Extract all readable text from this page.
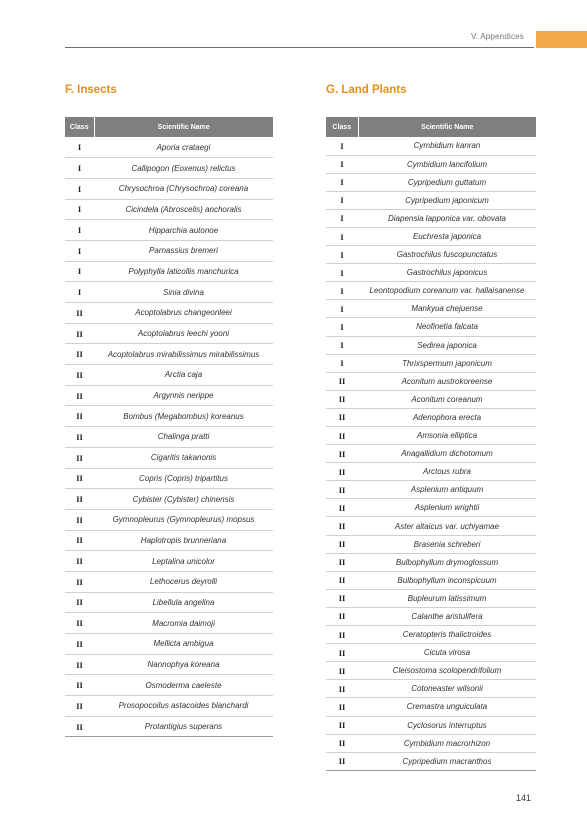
V. Appendices
F. Insects	G. Land Plants
Class	Scientific Name
I	Aporia crataegi
I	Callipogon (Eoxenus) relictus
I	Chrysochroa (Chrysochroa) coreana
I	Cicindela (Abroscelis) anchoralis
I	Hipparchia autonoe
I	Parnassius bremeri
I	Polyphylla laticollis manchurica
I	Sinia divina
II	Acoptolabrus changeonleei
II	Acoptolabrus leechi yooni
II	Acoptolabrus mirabilissimus mirabilissimus
II	Arctia caja
II	Argynnis nerippe
II	Bombus (Megabombus) koreanus
II	Chalinga pratti
II	Cigaritis takanonis
II	Copris (Copris) tripartitus
II	Cybister (Cybister) chinensis
II	Gymnopleurus (Gymnopleurus) mopsus
II	Haplotropis brunneriana
II	Leptalina unicolor
II	Lethocerus deyrolli
II	Libellula angelina
II	Macromia daimoji
II	Mellicta ambigua
II	Nannophya koreana
II	Osmoderma caeleste
II	Prosopocoilus astacoides blanchardi
II	Protantigius superans
Class	Scientific Name
I	Cymbidium kanran
I	Cymbidium lancifolium
I	Cypripedium guttatum
I	Cypripedium japonicum
I	Diapensia lapponica var. obovata
I	Euchresta japonica
I	Gastrochilus fuscopunctatus
I	Gastrochilus japonicus
I	Leontopodium coreanum var. hallaisanense
I	Mankyua chejuense
I	Neofinetia falcata
I	Sedirea japonica
I	Thrixspermum japonicum
II	Aconitum austrokoreense
II	Aconitum coreanum
II	Adenophora erecta
II	Amsonia elliptica
II	Anagallidium dichotomum
II	Arctous rubra
II	Asplenium antiquum
II	Asplenium wrightii
II	Aster altaicus var. uchiyamae
II	Brasenia schreberi
II	Bulbophyllum drymoglossum
II	Bulbophyllum inconspicuum
II	Bupleurum latissimum
II	Calanthe aristulifera
II	Ceratopteris thalictroides
II	Cicuta virosa
II	Cleisostoma scolopendrifolium
II	Cotoneaster wilsonii
II	Cremastra unguiculata
II	Cyclosorus interruptus
II	Cymbidium macrorhizon
II	Cypripedium macranthos
141
